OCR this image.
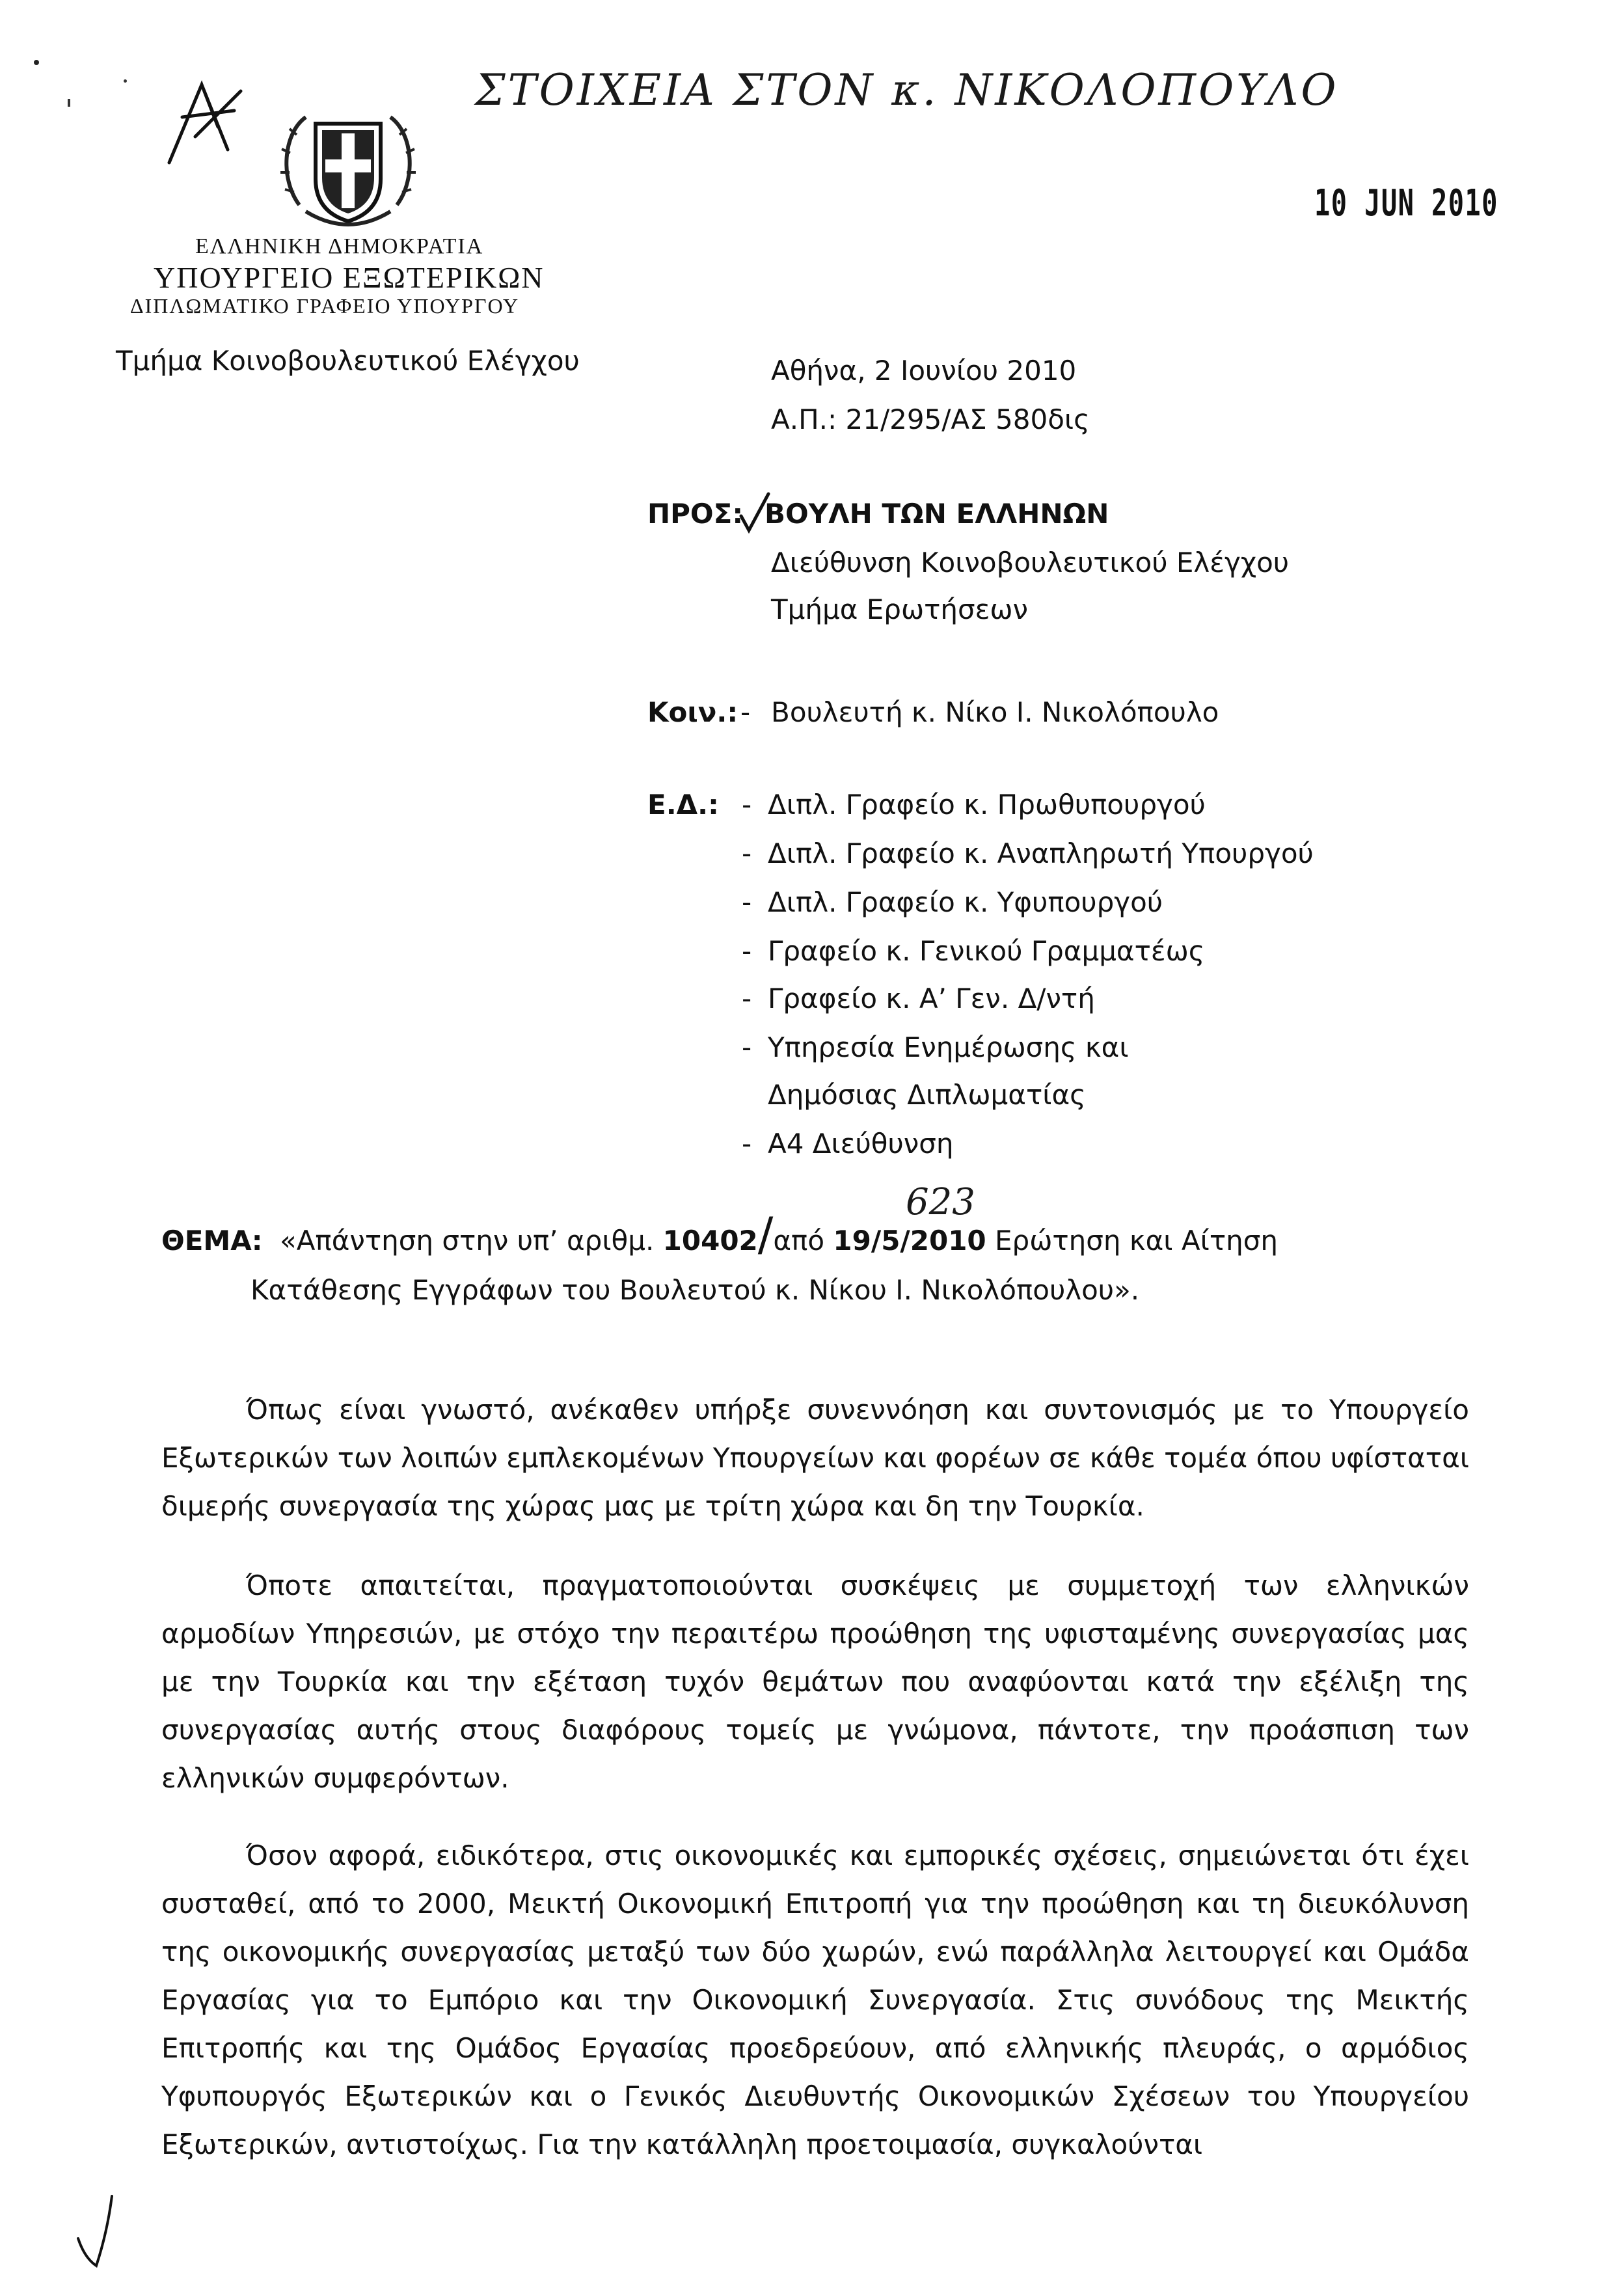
ΣΤΟΙΧΕΙΑ ΣΤΟΝ κ. ΝΙΚΟΛΟΠΟΥΛΟ
ΕΛΛΗΝΙΚΗ ΔΗΜΟΚΡΑΤΙΑ
ΥΠΟΥΡΓΕΙΟ ΕΞΩΤΕΡΙΚΩΝ
ΔΙΠΛΩΜΑΤΙΚΟ ΓΡΑΦΕΙΟ ΥΠΟΥΡΓΟΥ
10 JUN 2010
Τμήμα Κοινοβουλευτικού Ελέγχου	Αθήνα, 2 Ιουνίου 2010
Α.Π.: 21/295/ΑΣ 580δις
ΠΡΟΣ: ΒΟΥΛΗ ΤΩΝ ΕΛΛΗΝΩΝ
Διεύθυνση Κοινοβουλευτικού Ελέγχου
Τμήμα Ερωτήσεων
Κοιν.: - Βουλευτή κ. Νίκο Ι. Νικολόπουλο
Ε.Δ.: - Διπλ. Γραφείο κ. Πρωθυπουργού
- Διπλ. Γραφείο κ. Αναπληρωτή Υπουργού
- Διπλ. Γραφείο κ. Υφυπουργού
- Γραφείο κ. Γενικού Γραμματέως
- Γραφείο κ. Α’ Γεν. Δ/ντή
- Υπηρεσία Ενημέρωσης και
Δημόσιας Διπλωματίας
- Α4 Διεύθυνση
ΘΕΜΑ: «Απάντηση στην υπ’ αριθμ. 10402/από 19/5/2010 Ερώτηση και Αίτηση
623
Κατάθεσης Εγγράφων του Βουλευτού κ. Νίκου Ι. Νικολόπουλου».
Όπως είναι γνωστό, ανέκαθεν υπήρξε συνεννόηση και συντονισμός με το Υπουργείο Εξωτερικών των λοιπών εμπλεκομένων Υπουργείων και φορέων σε κάθε τομέα όπου υφίσταται διμερής συνεργασία της χώρας μας με τρίτη χώρα και δη την Τουρκία.
Όποτε απαιτείται, πραγματοποιούνται συσκέψεις με συμμετοχή των ελληνικών αρμοδίων Υπηρεσιών, με στόχο την περαιτέρω προώθηση της υφισταμένης συνεργασίας μας με την Τουρκία και την εξέταση τυχόν θεμάτων που αναφύονται κατά την εξέλιξη της συνεργασίας αυτής στους διαφόρους τομείς με γνώμονα, πάντοτε, την προάσπιση των ελληνικών συμφερόντων.
Όσον αφορά, ειδικότερα, στις οικονομικές και εμπορικές σχέσεις, σημειώνεται ότι έχει συσταθεί, από το 2000, Μεικτή Οικονομική Επιτροπή για την προώθηση και τη διευκόλυνση της οικονομικής συνεργασίας μεταξύ των δύο χωρών, ενώ παράλληλα λειτουργεί και Ομάδα Εργασίας για το Εμπόριο και την Οικονομική Συνεργασία. Στις συνόδους της Μεικτής Επιτροπής και της Ομάδος Εργασίας προεδρεύουν, από ελληνικής πλευράς, ο αρμόδιος Υφυπουργός Εξωτερικών και ο Γενικός Διευθυντής Οικονομικών Σχέσεων του Υπουργείου Εξωτερικών, αντιστοίχως. Για την κατάλληλη προετοιμασία, συγκαλούνται
